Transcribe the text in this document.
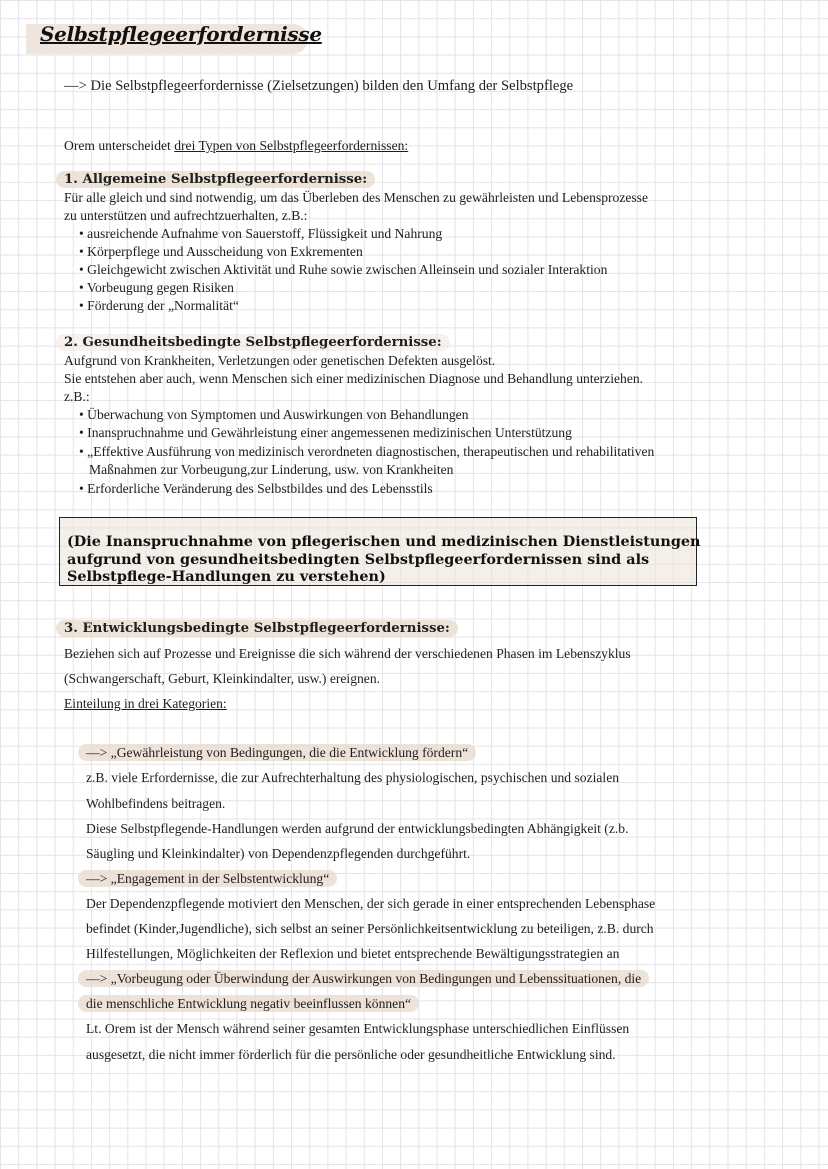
Selbstpflegeerfordernisse
—> Die Selbstpflegeerfordernisse (Zielsetzungen) bilden den Umfang der Selbstpflege
Orem unterscheidet drei Typen von Selbstpflegeerfordernissen:
1. Allgemeine Selbstpflegeerfordernisse:
Für alle gleich und sind notwendig, um das Überleben des Menschen zu gewährleisten und Lebensprozesse
zu unterstützen und aufrechtzuerhalten, z.B.:
• ausreichende Aufnahme von Sauerstoff, Flüssigkeit und Nahrung
• Körperpflege und Ausscheidung von Exkrementen
• Gleichgewicht zwischen Aktivität und Ruhe sowie zwischen Alleinsein und sozialer Interaktion
• Vorbeugung gegen Risiken
• Förderung der „Normalität“
2. Gesundheitsbedingte Selbstpflegeerfordernisse:
Aufgrund von Krankheiten, Verletzungen oder genetischen Defekten ausgelöst.
Sie entstehen aber auch, wenn Menschen sich einer medizinischen Diagnose und Behandlung unterziehen.
z.B.:
• Überwachung von Symptomen und Auswirkungen von Behandlungen
• Inanspruchnahme und Gewährleistung einer angemessenen medizinischen Unterstützung
• „Effektive Ausführung von medizinisch verordneten diagnostischen, therapeutischen und rehabilitativen
Maßnahmen zur Vorbeugung,zur Linderung, usw. von Krankheiten
• Erforderliche Veränderung des Selbstbildes und des Lebensstils
(Die Inanspruchnahme von pflegerischen und medizinischen Dienstleistungen
aufgrund von gesundheitsbedingten Selbstpflegeerfordernissen sind als
Selbstpflege-Handlungen zu verstehen)
3. Entwicklungsbedingte Selbstpflegeerfordernisse:
Beziehen sich auf Prozesse und Ereignisse die sich während der verschiedenen Phasen im Lebenszyklus
(Schwangerschaft, Geburt, Kleinkindalter, usw.) ereignen.
Einteilung in drei Kategorien:
—> „Gewährleistung von Bedingungen, die die Entwicklung fördern“
z.B. viele Erfordernisse, die zur Aufrechterhaltung des physiologischen, psychischen und sozialen
Wohlbefindens beitragen.
Diese Selbstpflegende-Handlungen werden aufgrund der entwicklungsbedingten Abhängigkeit (z.b.
Säugling und Kleinkindalter) von Dependenzpflegenden durchgeführt.
—> „Engagement in der Selbstentwicklung“
Der Dependenzpflegende motiviert den Menschen, der sich gerade in einer entsprechenden Lebensphase
befindet (Kinder,Jugendliche), sich selbst an seiner Persönlichkeitsentwicklung zu beteiligen, z.B. durch
Hilfestellungen, Möglichkeiten der Reflexion und bietet entsprechende Bewältigungsstrategien an
—> „Vorbeugung oder Überwindung der Auswirkungen von Bedingungen und Lebenssituationen, die
die menschliche Entwicklung negativ beeinflussen können“
Lt. Orem ist der Mensch während seiner gesamten Entwicklungsphase unterschiedlichen Einflüssen
ausgesetzt, die nicht immer förderlich für die persönliche oder gesundheitliche Entwicklung sind.
